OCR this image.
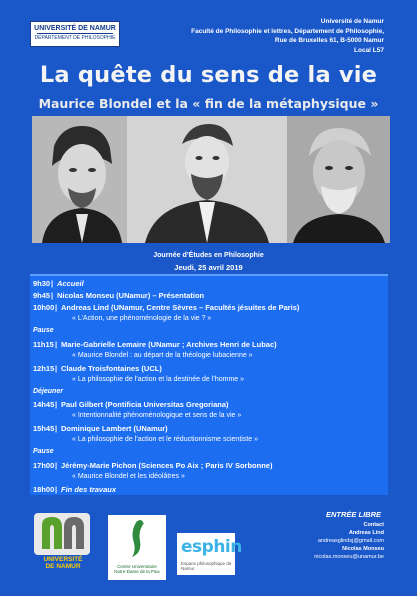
UNIVERSITÉ DE NAMUR
DÉPARTEMENT DE PHILOSOPHIE
Université de Namur
Faculté de Philosophie et lettres, Département de Philosophie,
Rue de Bruxelles 61, B-5000 Namur
Local L57
La quête du sens de la vie
Maurice Blondel et la « fin de la métaphysique »
Journée d’Études en Philosophie
Jeudi, 25 avril 2019
9h30 | Accueil
9h45 | Nicolas Monseu (UNamur) – Présentation
10h00 | Andreas Lind (UNamur, Centre Sèvres – Facultés jésuites de Paris)
« L’Action, une phénoménologie de la vie ? »
Pause
11h15 | Marie-Gabrielle Lemaire (UNamur ; Archives Henri de Lubac)
« Maurice Blondel : au départ de la théologie lubacienne »
12h15 | Claude Troisfontaines (UCL)
« La philosophie de l’action et la destinée de l’homme »
Déjeuner
14h45 | Paul Gilbert (Pontificia Universitas Gregoriana)
« Intentionnalité phénoménologique et sens de la vie »
15h45 | Dominique Lambert (UNamur)
« La philosophie de l’action et le réductionnisme scientiste »
Pause
17h00 | Jérémy-Marie Pichon (Sciences Po Aix ; Paris IV Sorbonne)
« Maurice Blondel et les idéolâtres »
18h00 | Fin des travaux
UNIVERSITÉ
DE NAMUR	Centre Universitaire
Notre-Dame de la Paix
esphin
Espace philosophique de Namur
ENTRÉE LIBRE
Contact
Andreas Lind
andreasglindsj@gmail.com
Nicolas Monseu
nicolas.monseu@unamur.be
